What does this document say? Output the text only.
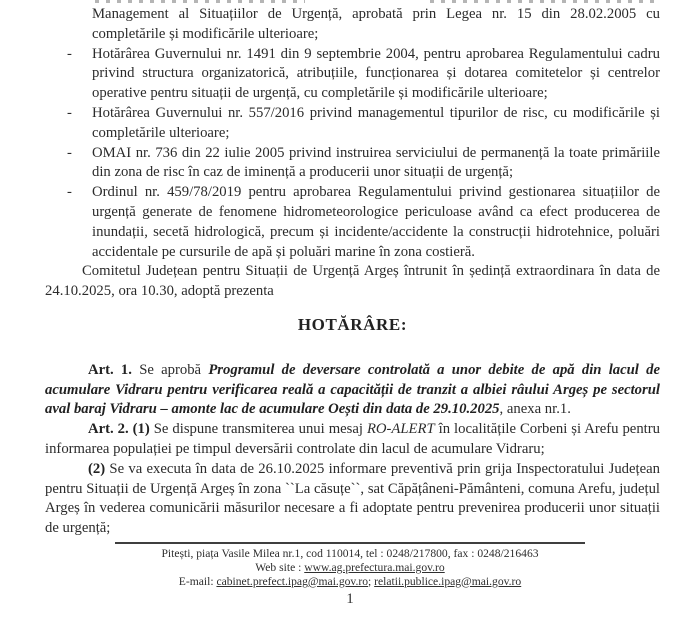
Management al Situațiilor de Urgență, aprobată prin Legea nr. 15 din 28.02.2005 cu completările și modificările ulterioare;
- Hotărârea Guvernului nr. 1491 din 9 septembrie 2004, pentru aprobarea Regulamentului cadru privind structura organizatorică, atribuțiile, funcționarea și dotarea comitetelor și centrelor operative pentru situații de urgență, cu completările și modificările ulterioare;
- Hotărârea Guvernului nr. 557/2016 privind managementul tipurilor de risc, cu modificările și completările ulterioare;
- OMAI nr. 736 din 22 iulie 2005 privind instruirea serviciului de permanență la toate primăriile din zona de risc în caz de iminență a producerii unor situații de urgență;
- Ordinul nr. 459/78/2019 pentru aprobarea Regulamentului privind gestionarea situațiilor de urgență generate de fenomene hidrometeorologice periculoase având ca efect producerea de inundații, secetă hidrologică, precum și incidente/accidente la construcții hidrotehnice, poluări accidentale pe cursurile de apă și poluări marine în zona costieră.
Comitetul Județean pentru Situații de Urgență Argeș întrunit în ședință extraordinara în data de 24.10.2025, ora 10.30, adoptă prezenta
HOTĂRÂRE:
Art. 1. Se aprobă Programul de deversare controlată a unor debite de apă din lacul de acumulare Vidraru pentru verificarea reală a capacității de tranzit a albiei râului Argeș pe sectorul aval baraj Vidraru – amonte lac de acumulare Oești din data de 29.10.2025, anexa nr.1.
Art. 2. (1) Se dispune transmiterea unui mesaj RO-ALERT în localitățile Corbeni și Arefu pentru informarea populației pe timpul deversării controlate din lacul de acumulare Vidraru;
(2) Se va executa în data de 26.10.2025 informare preventivă prin grija Inspectoratului Județean pentru Situații de Urgență Argeș în zona ``La căsuțe``, sat Căpățâneni-Pământeni, comuna Arefu, județul Argeș în vederea comunicării măsurilor necesare a fi adoptate pentru prevenirea producerii unor situații de urgență;
Pitești, piața Vasile Milea nr.1, cod 110014, tel : 0248/217800, fax : 0248/216463
Web site : www.ag.prefectura.mai.gov.ro
E-mail: cabinet.prefect.ipag@mai.gov.ro; relatii.publice.ipag@mai.gov.ro
1
